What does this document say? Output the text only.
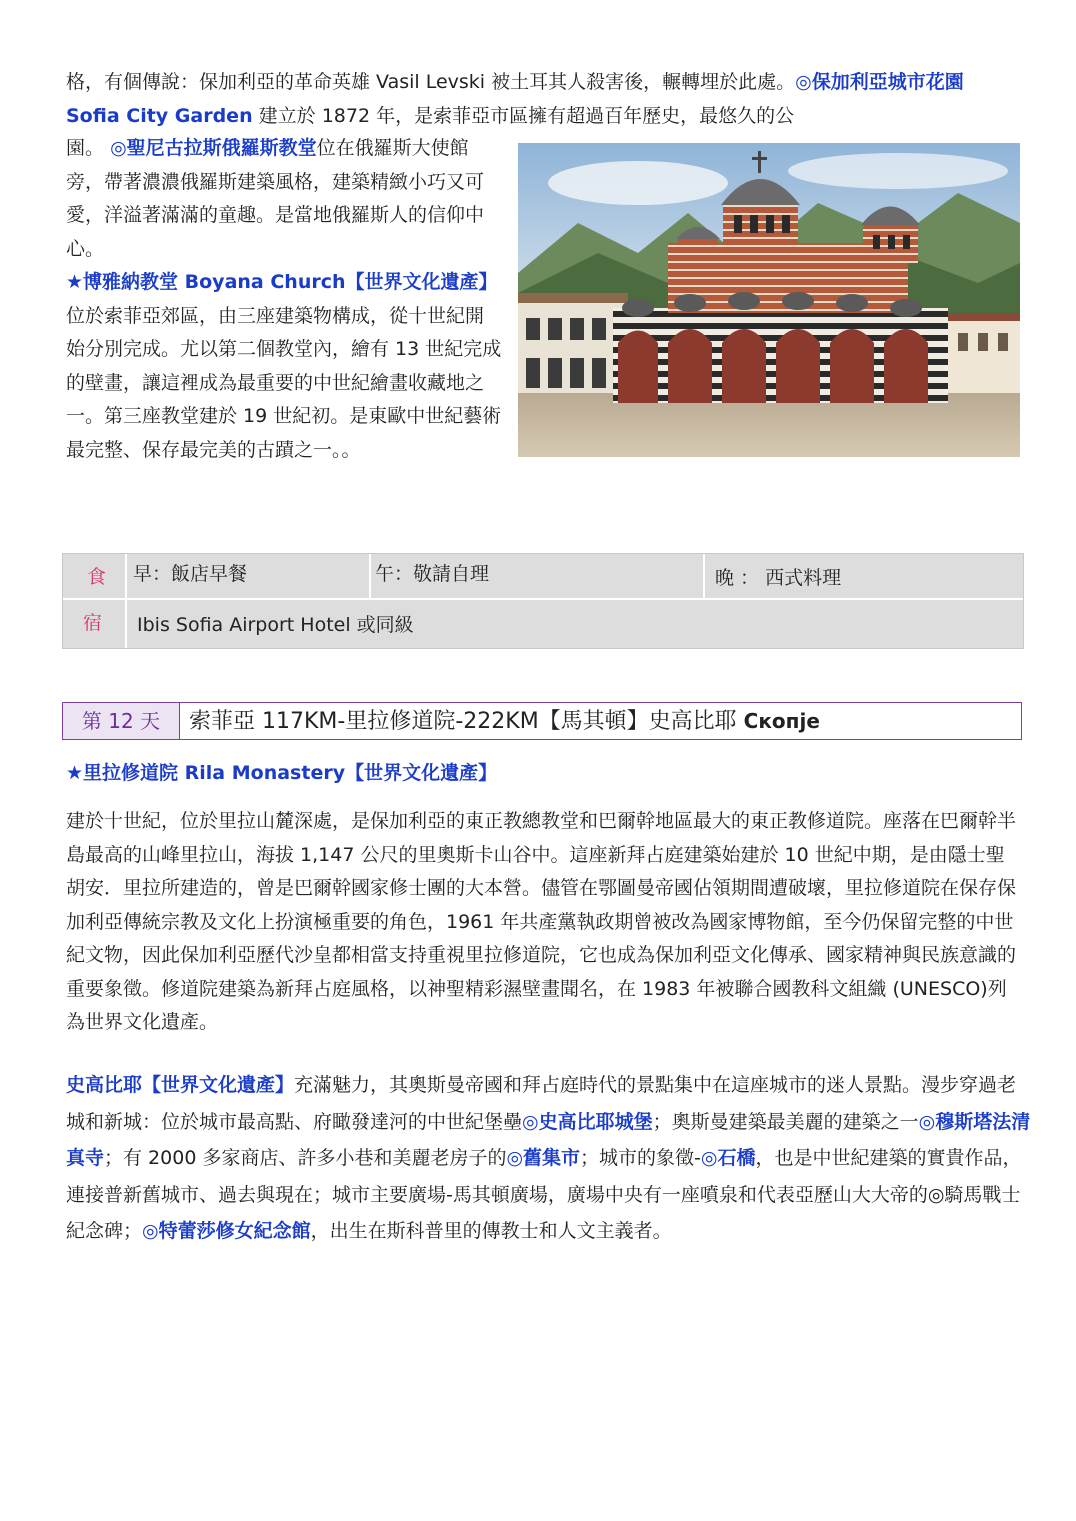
格，有個傳說：保加利亞的革命英雄 Vasil Levski 被土耳其人殺害後，輾轉埋於此處。◎保加利亞城市花園 Sofia City Garden 建立於 1872 年，是索菲亞市區擁有超過百年歷史，最悠久的公
園。 ◎聖尼古拉斯俄羅斯教堂位在俄羅斯大使館旁，帶著濃濃俄羅斯建築風格，建築精緻小巧又可愛，洋溢著滿滿的童趣。是當地俄羅斯人的信仰中心。
★博雅納教堂 Boyana Church【世界文化遺產】
位於索菲亞郊區，由三座建築物構成，從十世紀開始分別完成。尤以第二個教堂內，繪有 13 世紀完成的壁畫，讓這裡成為最重要的中世紀繪畫收藏地之一。第三座教堂建於 19 世紀初。是東歐中世紀藝術最完整、保存最完美的古蹟之一。。
食 早：飯店早餐	午：敬請自理	晚 ： 西式料理
宿 Ibis Sofia Airport Hotel 或同級
第 12 天	索菲亞 117KM-里拉修道院-222KM【馬其頓】史高比耶 Скопје
★里拉修道院 Rila Monastery【世界文化遺產】
建於十世紀，位於里拉山麓深處，是保加利亞的東正教總教堂和巴爾幹地區最大的東正教修道院。座落在巴爾幹半島最高的山峰里拉山，海拔 1,147 公尺的里奧斯卡山谷中。這座新拜占庭建築始建於 10 世紀中期，是由隱士聖胡安．里拉所建造的，曾是巴爾幹國家修士團的大本營。儘管在鄂圖曼帝國佔領期間遭破壞，里拉修道院在保存保加利亞傳統宗教及文化上扮演極重要的角色，1961 年共產黨執政期曾被改為國家博物館，至今仍保留完整的中世紀文物，因此保加利亞歷代沙皇都相當支持重視里拉修道院，它也成為保加利亞文化傳承、國家精神與民族意識的重要象徵。修道院建築為新拜占庭風格，以神聖精彩濕壁畫聞名，在 1983 年被聯合國教科文組織 (UNESCO)列為世界文化遺產。
史高比耶【世界文化遺產】充滿魅力，其奧斯曼帝國和拜占庭時代的景點集中在這座城市的迷人景點。漫步穿過老城和新城：位於城市最高點、府瞰發達河的中世紀堡壘◎史高比耶城堡；奧斯曼建築最美麗的建築之一◎穆斯塔法清真寺；有 2000 多家商店、許多小巷和美麗老房子的◎舊集市；城市的象徵-◎石橋，也是中世紀建築的實貴作品，連接普新舊城市、過去與現在；城市主要廣場-馬其頓廣場，廣場中央有一座噴泉和代表亞歷山大大帝的◎騎馬戰士紀念碑；◎特蕾莎修女紀念館，出生在斯科普里的傳教士和人文主義者。
